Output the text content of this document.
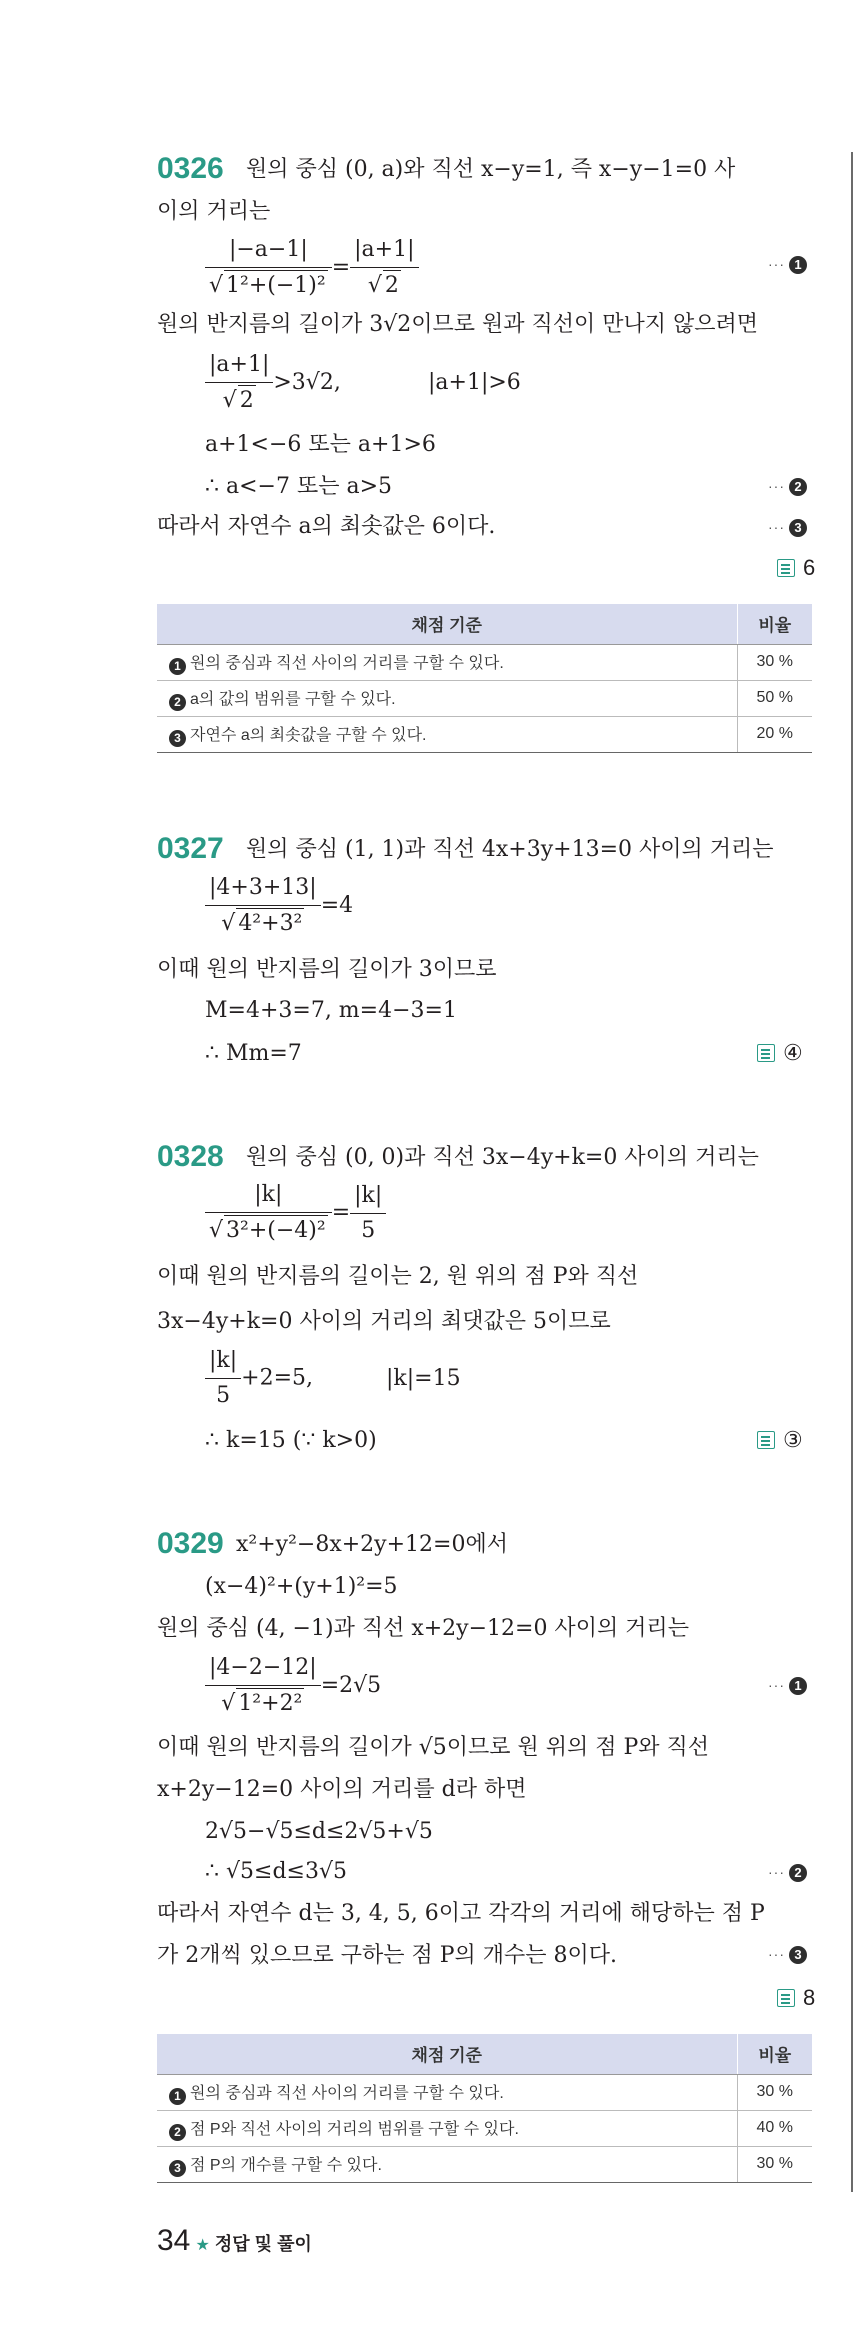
0326 원의 중심 (0, a)와 직선 x−y=1, 즉 x−y−1=0 사
이의 거리는
$\frac{|-a-1|}{\text{√ 1²+(−1)²}} = \frac{|a+1|}{√ 2}$	··· 1
원의 반지름의 길이가 3√2이므로 원과 직선이 만나지 않으려면
$\frac{|a+1|}{√ 2} >3√2$,	|a+1|>6
a+1<−6 또는 a+1>6
∴ a<−7 또는 a>5	··· 2
따라서 자연수 a의 최솟값은 6이다.	··· 3
6
채점 기준	비율
1 원의 중심과 직선 사이의 거리를 구할 수 있다.	30 %
2 a의 값의 범위를 구할 수 있다.	50 %
3 자연수 a의 최솟값을 구할 수 있다.	20 %
0327 원의 중심 (1, 1)과 직선 4x+3y+13=0 사이의 거리는
$\frac{|4+3+13|}{\text{√ 4²+3²}} =4$
이때 원의 반지름의 길이가 3이므로
M=4+3=7, m=4−3=1
∴ Mm=7	④
0328 원의 중심 (0, 0)과 직선 3x−4y+k=0 사이의 거리는
$\frac{|k|}{\text{√ 3²+(−4)²}} = \frac{|k|}{5}$
이때 원의 반지름의 길이는 2, 원 위의 점 P와 직선
3x−4y+k=0 사이의 거리의 최댓값은 5이므로
$\frac{|k|}{5} +2=5$,	|k|=15
∴ k=15 (∵ k>0)	③
0329 x²+y²−8x+2y+12=0에서
(x−4)²+(y+1)²=5
원의 중심 (4, −1)과 직선 x+2y−12=0 사이의 거리는
$\frac{|4-2-12|}{\text{√ 1²+2²}} =2√5$	··· 1
이때 원의 반지름의 길이가 √5이므로 원 위의 점 P와 직선
x+2y−12=0 사이의 거리를 d라 하면
2√5−√5≤d≤2√5+√5
∴ √5≤d≤3√5	··· 2
따라서 자연수 d는 3, 4, 5, 6이고 각각의 거리에 해당하는 점 P
가 2개씩 있으므로 구하는 점 P의 개수는 8이다.	··· 3
8
채점 기준	비율
1 원의 중심과 직선 사이의 거리를 구할 수 있다.	30 %
2 점 P와 직선 사이의 거리의 범위를 구할 수 있다.	40 %
3 점 P의 개수를 구할 수 있다.	30 %
34 ★ 정답 및 풀이
